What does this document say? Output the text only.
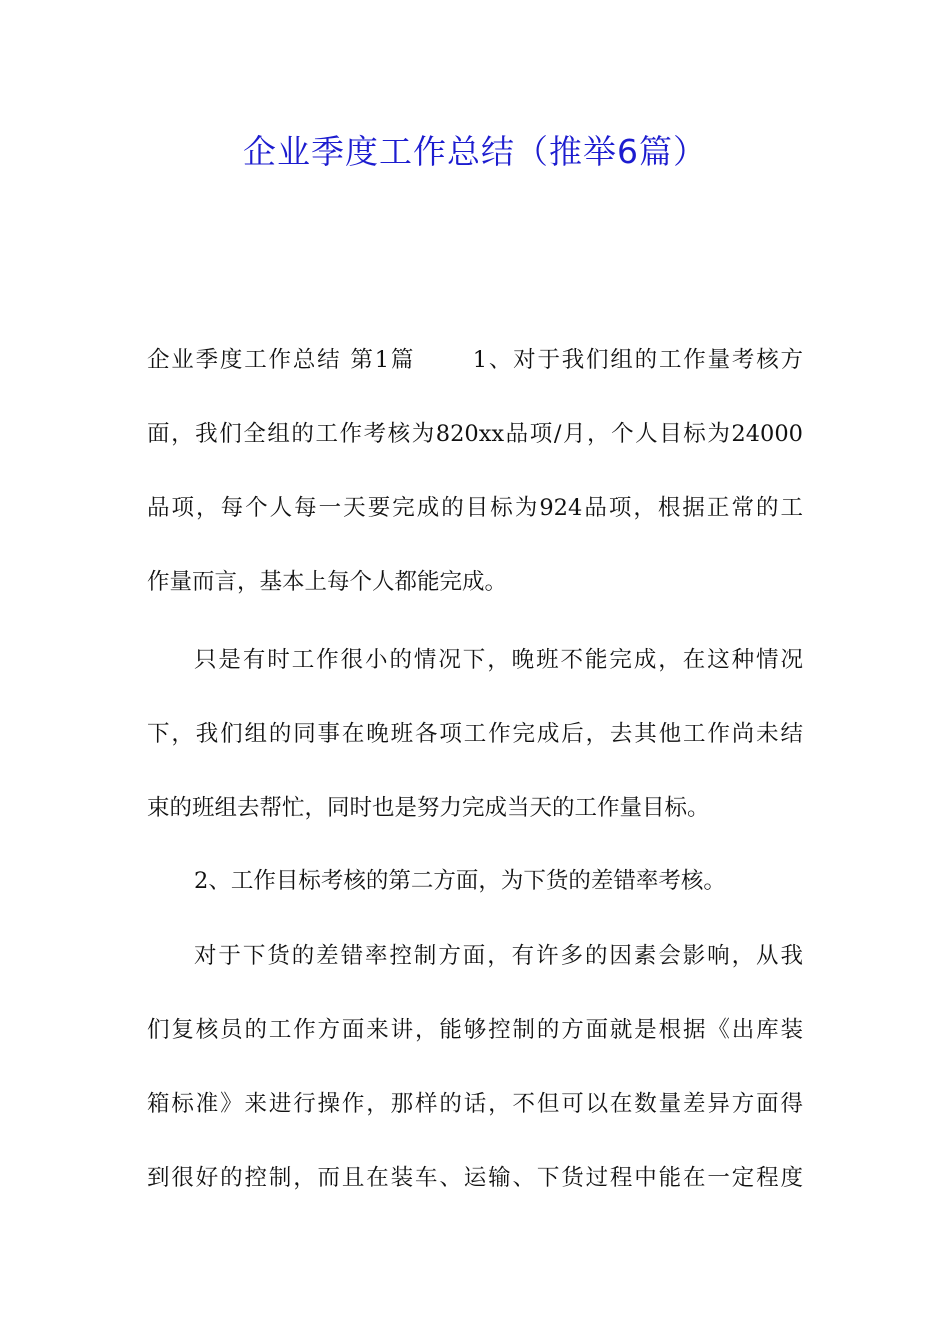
企业季度工作总结（推举6篇）
企业季度工作总结 第1篇　　 1、对于我们组的工作量考核方
面，我们全组的工作考核为820xx品项/月，个人目标为24000
品项，每个人每一天要完成的目标为924品项，根据正常的工
作量而言，基本上每个人都能完成。
只是有时工作很小的情况下，晚班不能完成，在这种情况
下，我们组的同事在晚班各项工作完成后，去其他工作尚未结
束的班组去帮忙，同时也是努力完成当天的工作量目标。
2、工作目标考核的第二方面，为下货的差错率考核。
对于下货的差错率控制方面，有许多的因素会影响，从我
们复核员的工作方面来讲，能够控制的方面就是根据《出库装
箱标准》来进行操作，那样的话，不但可以在数量差异方面得
到很好的控制，而且在装车、运输、下货过程中能在一定程度
